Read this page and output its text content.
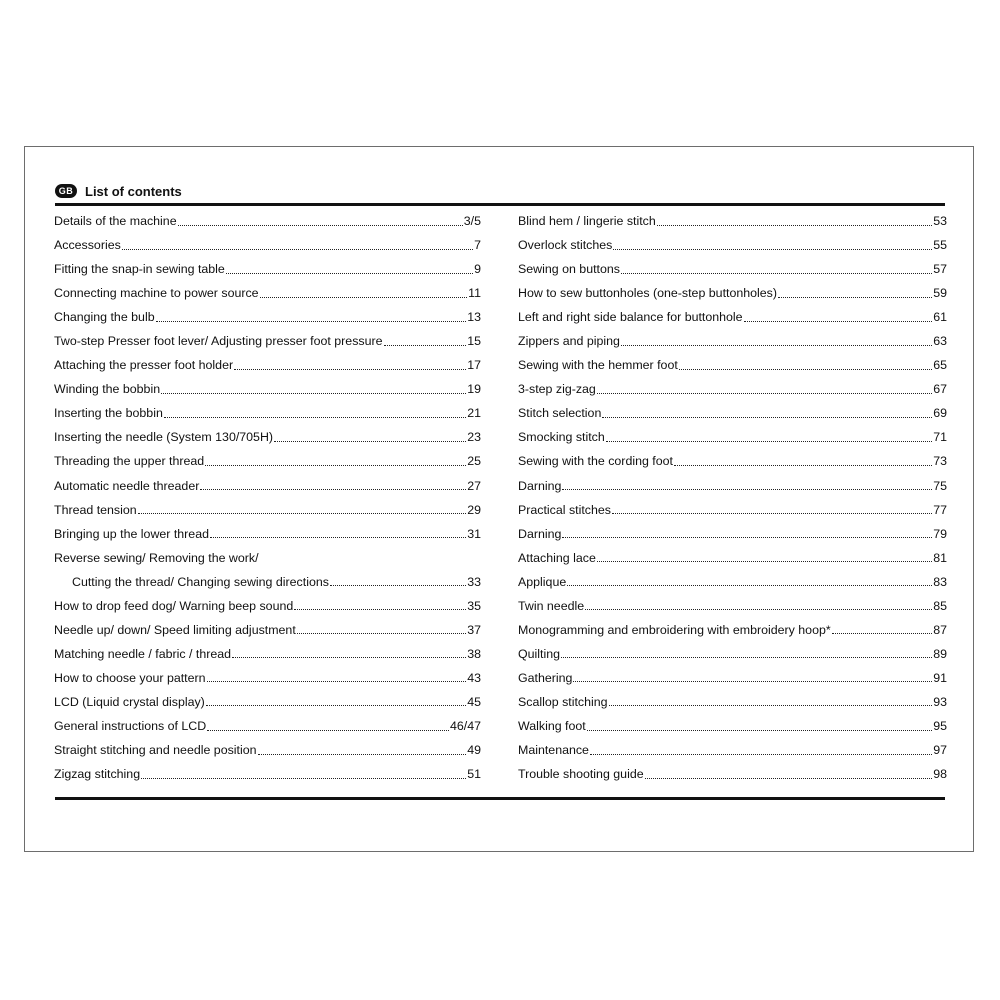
GB List of contents
Details of the machine	3/5
Accessories	7
Fitting the snap-in sewing table	9
Connecting machine to power source	11
Changing the bulb	13
Two-step Presser foot lever/ Adjusting presser foot pressure	15
Attaching the presser foot holder	17
Winding the bobbin	19
Inserting the bobbin	21
Inserting the needle (System 130/705H)	23
Threading the upper thread	25
Automatic needle threader	27
Thread tension	29
Bringing up the lower thread	31
Reverse sewing/ Removing the work/
Cutting the thread/ Changing sewing directions	33
How to drop feed dog/ Warning beep sound	35
Needle up/ down/ Speed limiting adjustment	37
Matching needle / fabric / thread	38
How to choose your pattern	43
LCD (Liquid crystal display)	45
General instructions of LCD	46/47
Straight stitching and needle position	49
Zigzag stitching	51
Blind hem / lingerie stitch	53
Overlock stitches	55
Sewing on buttons	57
How to sew buttonholes (one-step buttonholes)	59
Left and right side balance for buttonhole	61
Zippers and piping	63
Sewing with the hemmer foot	65
3-step zig-zag	67
Stitch selection	69
Smocking stitch	71
Sewing with the cording foot	73
Darning	75
Practical stitches	77
Darning	79
Attaching lace	81
Applique	83
Twin needle	85
Monogramming and embroidering with embroidery hoop*	87
Quilting	89
Gathering	91
Scallop stitching	93
Walking foot	95
Maintenance	97
Trouble shooting guide	98
